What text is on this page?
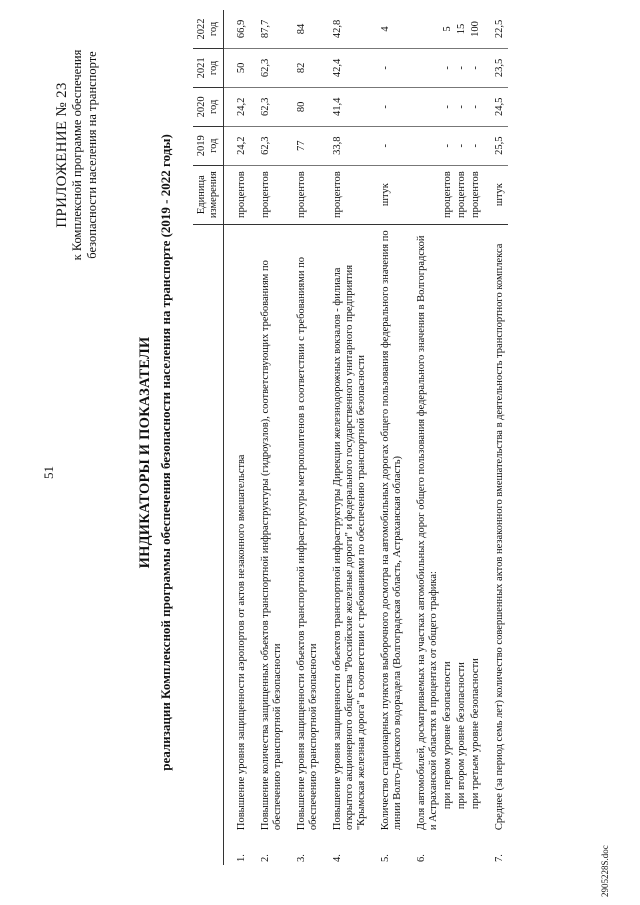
51
ПРИЛОЖЕНИЕ № 23 к Комплексной программе обеспечения безопасности населения на транспорте
ИНДИКАТОРЫ И ПОКАЗАТЕЛИ реализации Комплексной программы обеспечения безопасности населения на транспорте (2019 - 2022 годы)
		Единица измерения	2019 год	2020 год	2021 год	2022 год
1.	Повышение уровня защищенности аэропортов от актов незаконного вмешательства	процентов	24,2	24,2	50	66,9
2.	Повышение количества защищенных объектов транспортной инфраструктуры (гидроузлов), соответствующих требованиям по обеспечению транспортной безопасности	процентов	62,3	62,3	62,3	87,7
3.	Повышение уровня защищенности объектов транспортной инфраструктуры метрополитенов в соответствии с требованиями по обеспечению транспортной безопасности	процентов	77	80	82	84
4.	Повышение уровня защищенности объектов транспортной инфраструктуры Дирекции железнодорожных вокзалов - филиала открытого акционерного общества "Российские железные дороги" и федерального государственного унитарного предприятия "Крымская железная дорога" в соответствии с требованиями по обеспечению транспортной безопасности	процентов	33,8	41,4	42,4	42,8
5.	Количество стационарных пунктов выборочного досмотра на автомобильных дорогах общего пользования федерального значения по линии Волго-Донского водораздела (Волгоградская область, Астраханская область)	штук	-	-	-	4
6.	Доля автомобилей, досматриваемых на участках автомобильных дорог общего пользования федерального значения в Волгоградской и Астраханской областях в процентах от общего трафика:					
	при первом уровне безопасности	процентов	-	-	-	5
	при втором уровне безопасности	процентов	-	-	-	15
	при третьем уровне безопасности	процентов	-	-	-	100
7.	Среднее (за период семь лет) количество совершенных актов незаконного вмешательства в деятельность транспортного комплекса	штук	25,5	24,5	23,5	22,5
2905228S.doc
